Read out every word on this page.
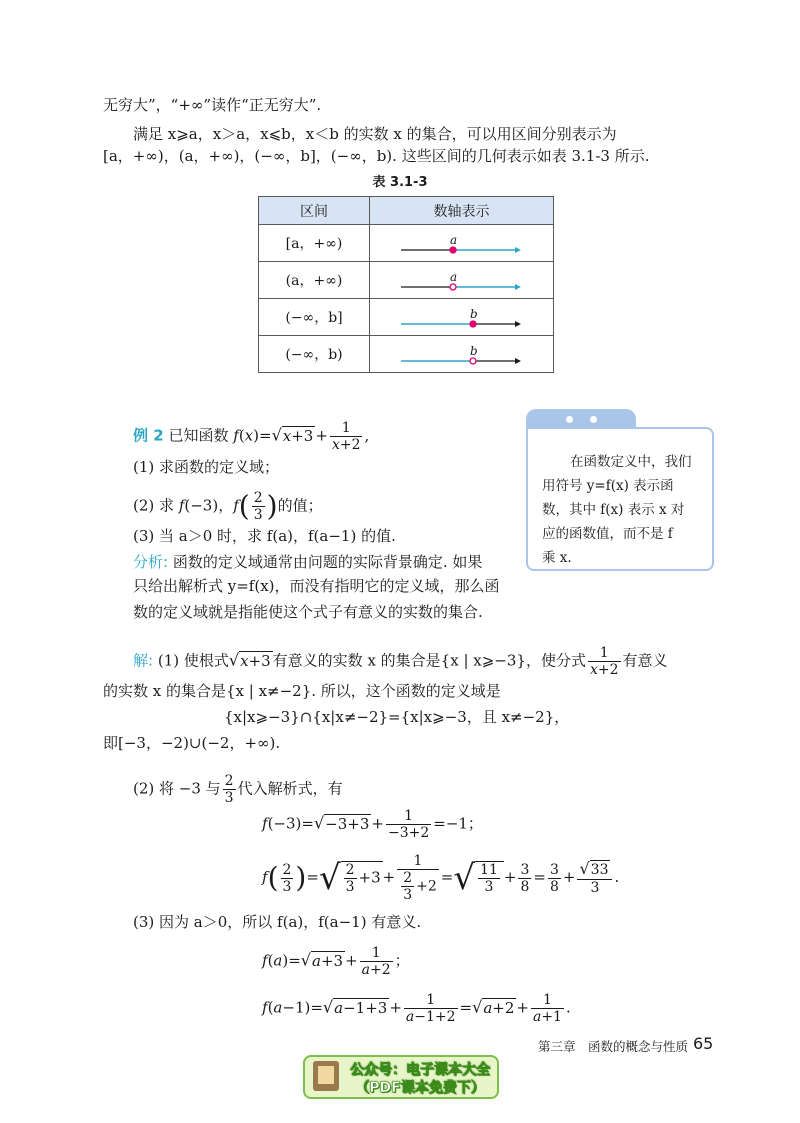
无穷大”，“+∞”读作“正无穷大”.
满足 x⩾a，x＞a，x⩽b，x＜b 的实数 x 的集合，可以用区间分别表示为
[a，+∞)，(a，+∞)，(−∞，b]，(−∞，b). 这些区间的几何表示如表 3.1-3 所示.
表 3.1-3
区间	数轴表示
[a，+∞)	a

(a，+∞)	a

(−∞，b]	b

(−∞，b)	b
例 2 已知函数 $f(x)=√x+3 + \frac{1}{x+2}$ ,
(1) 求函数的定义域；
(2) 求 f(−3)，$f( \frac{2}{3}$ )的值；
(3) 当 a＞0 时，求 f(a)，f(a−1) 的值.
分析: 函数的定义域通常由问题的实际背景确定. 如果
只给出解析式 y=f(x)，而没有指明它的定义域，那么函
数的定义域就是指能使这个式子有意义的实数的集合.
在函数定义中，我们
用符号 y=f(x) 表示函
数，其中 f(x) 表示 x 对
应的函数值，而不是 f
乘 x.
解: (1) 使根式√x+3 有意义的实数 x 的集合是{x | x⩾−3}，使分式 $\frac{1}{x+2}$ 有意义
的实数 x 的集合是{x | x≠−2}. 所以，这个函数的定义域是
{x|x⩾−3}∩{x|x≠−2}={x|x⩾−3，且 x≠−2}，
即[−3，−2)∪(−2，+∞).
(2) 将 −3 与 $\frac{2}{3}$ 代入解析式，有
$f(-3)=√-3+3 + \frac{1}{-3+2} =-1$；
$f( \frac{2}{3}$ )=√ $\frac{2}{3} +3 + \frac{1}{\frac{2}{3} +2}$ =√ $\frac{11}{3} + \frac{3}{8} = \frac{3}{8} + \frac{√33}{3}$ .
(3) 因为 a＞0，所以 f(a)，f(a−1) 有意义.
$f(a)=√a+3 + \frac{1}{a+2}$ ；
$f(a-1)=√a-1+3 + \frac{1}{a-1+2} =√a+2 + \frac{1}{a+1}$ .
第三章　函数的概念与性质 65
公众号：电子课本大全
（PDF课本免费下）
